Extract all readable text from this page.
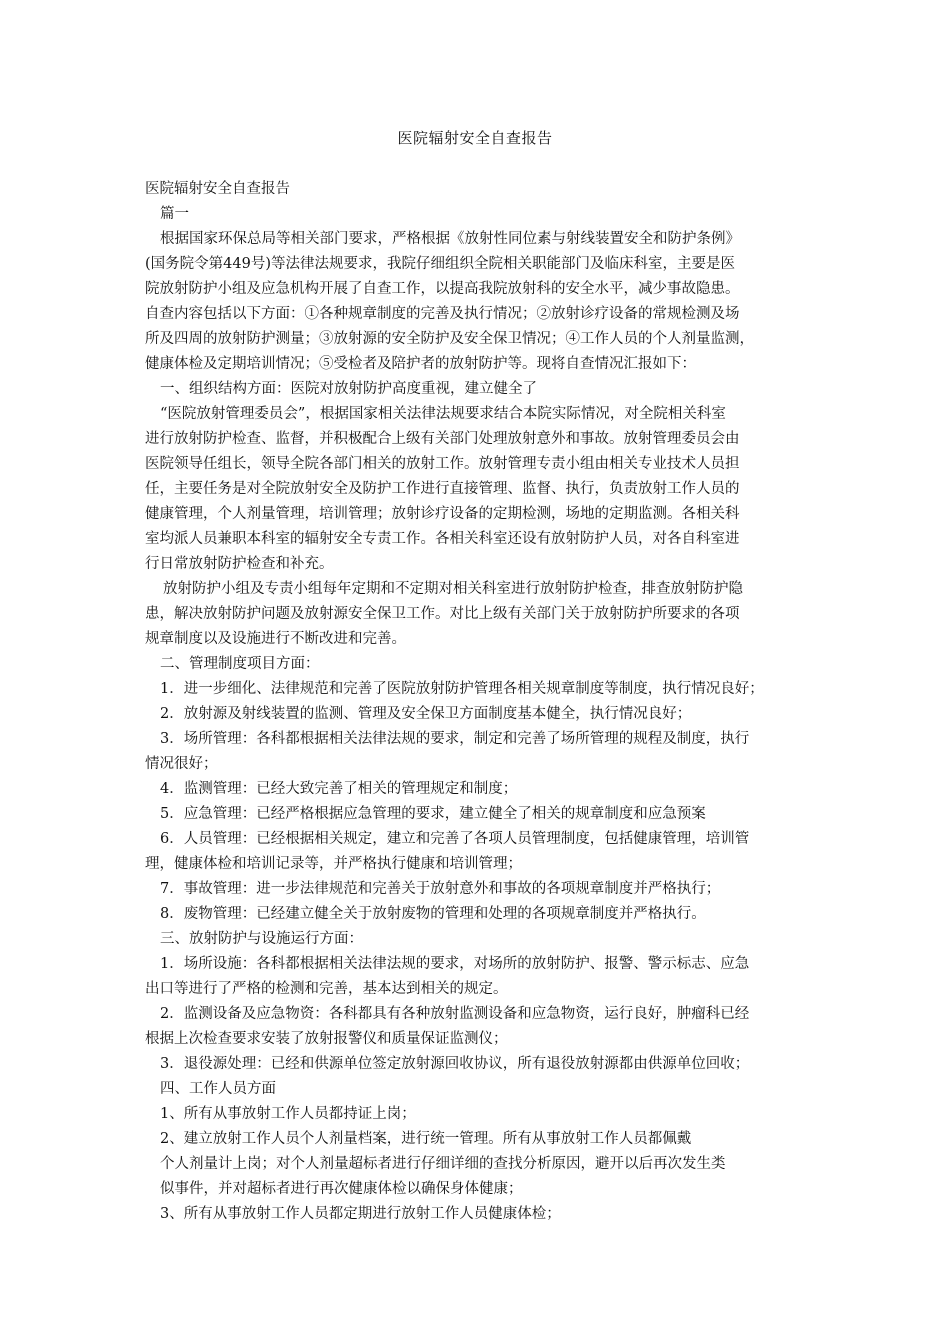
医院辐射安全自查报告
医院辐射安全自查报告
篇一
根据国家环保总局等相关部门要求，严格根据《放射性同位素与射线装置安全和防护条例》
(国务院令第449号)等法律法规要求，我院仔细组织全院相关职能部门及临床科室，主要是医
院放射防护小组及应急机构开展了自查工作，以提高我院放射科的安全水平，减少事故隐患。
自查内容包括以下方面：①各种规章制度的完善及执行情况；②放射诊疗设备的常规检测及场
所及四周的放射防护测量；③放射源的安全防护及安全保卫情况；④工作人员的个人剂量监测，
健康体检及定期培训情况；⑤受检者及陪护者的放射防护等。现将自查情况汇报如下：
一、组织结构方面：医院对放射防护高度重视，建立健全了
“医院放射管理委员会”，根据国家相关法律法规要求结合本院实际情况，对全院相关科室
进行放射防护检查、监督，并积极配合上级有关部门处理放射意外和事故。放射管理委员会由
医院领导任组长，领导全院各部门相关的放射工作。放射管理专责小组由相关专业技术人员担
任，主要任务是对全院放射安全及防护工作进行直接管理、监督、执行，负责放射工作人员的
健康管理，个人剂量管理，培训管理；放射诊疗设备的定期检测，场地的定期监测。各相关科
室均派人员兼职本科室的辐射安全专责工作。各相关科室还设有放射防护人员，对各自科室进
行日常放射防护检查和补充。
放射防护小组及专责小组每年定期和不定期对相关科室进行放射防护检查，排查放射防护隐
患，解决放射防护问题及放射源安全保卫工作。对比上级有关部门关于放射防护所要求的各项
规章制度以及设施进行不断改进和完善。
二、管理制度项目方面：
1．进一步细化、法律规范和完善了医院放射防护管理各相关规章制度等制度，执行情况良好；
2．放射源及射线装置的监测、管理及安全保卫方面制度基本健全，执行情况良好；
3．场所管理：各科都根据相关法律法规的要求，制定和完善了场所管理的规程及制度，执行
情况很好；
4．监测管理：已经大致完善了相关的管理规定和制度；
5．应急管理：已经严格根据应急管理的要求，建立健全了相关的规章制度和应急预案
6．人员管理：已经根据相关规定，建立和完善了各项人员管理制度，包括健康管理，培训管
理，健康体检和培训记录等，并严格执行健康和培训管理；
7．事故管理：进一步法律规范和完善关于放射意外和事故的各项规章制度并严格执行；
8．废物管理：已经建立健全关于放射废物的管理和处理的各项规章制度并严格执行。
三、放射防护与设施运行方面：
1．场所设施：各科都根据相关法律法规的要求，对场所的放射防护、报警、警示标志、应急
出口等进行了严格的检测和完善，基本达到相关的规定。
2．监测设备及应急物资：各科都具有各种放射监测设备和应急物资，运行良好，肿瘤科已经
根据上次检查要求安装了放射报警仪和质量保证监测仪；
3．退役源处理：已经和供源单位签定放射源回收协议，所有退役放射源都由供源单位回收；
四、工作人员方面
1、所有从事放射工作人员都持证上岗；
2、建立放射工作人员个人剂量档案，进行统一管理。所有从事放射工作人员都佩戴
个人剂量计上岗；对个人剂量超标者进行仔细详细的查找分析原因，避开以后再次发生类
似事件，并对超标者进行再次健康体检以确保身体健康；
3、所有从事放射工作人员都定期进行放射工作人员健康体检；
